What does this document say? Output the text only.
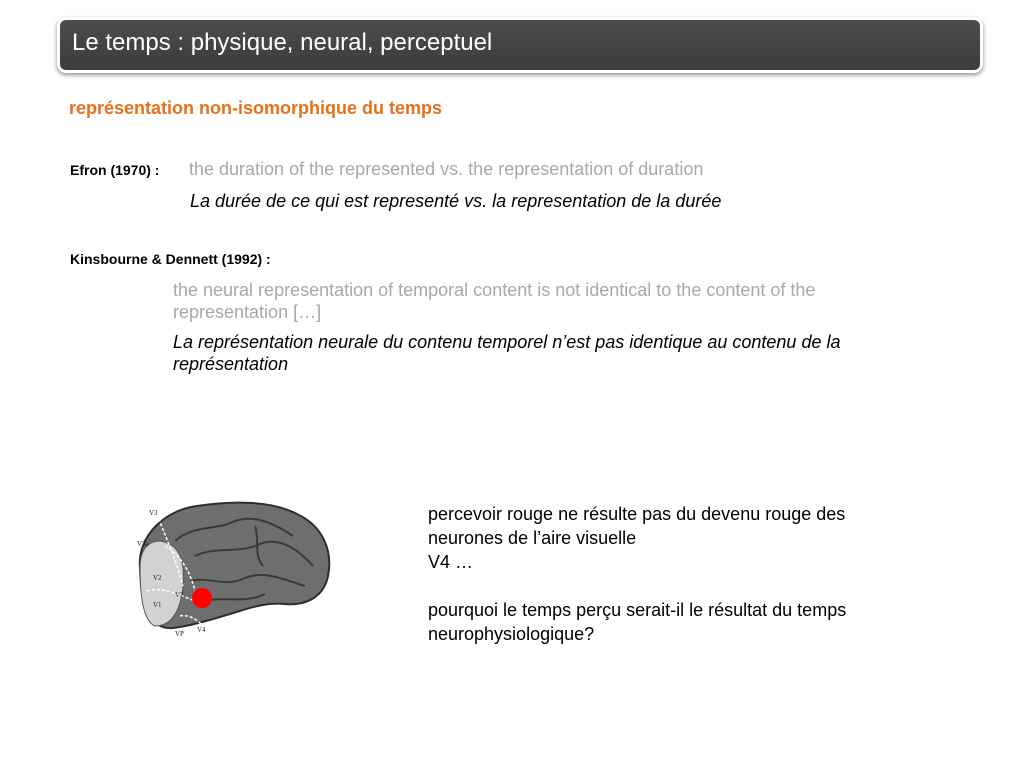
Le temps : physique, neural, perceptuel
représentation non-isomorphique du temps
Efron (1970) : the duration of the represented vs. the representation of duration
La durée de ce qui est representé vs. la representation de la durée
Kinsbourne & Dennett (1992) :
the neural representation of temporal content is not identical to the content of the representation […]
La représentation neurale du contenu temporel n’est pas identique au contenu de la représentation

percevoir rouge ne résulte pas du devenu rouge des neurones de l’aire visuelle

V4 …

pourquoi le temps perçu serait-il le résultat du temps neurophysiologique?

V3
V3a
V2
V1
V2
VP V4
